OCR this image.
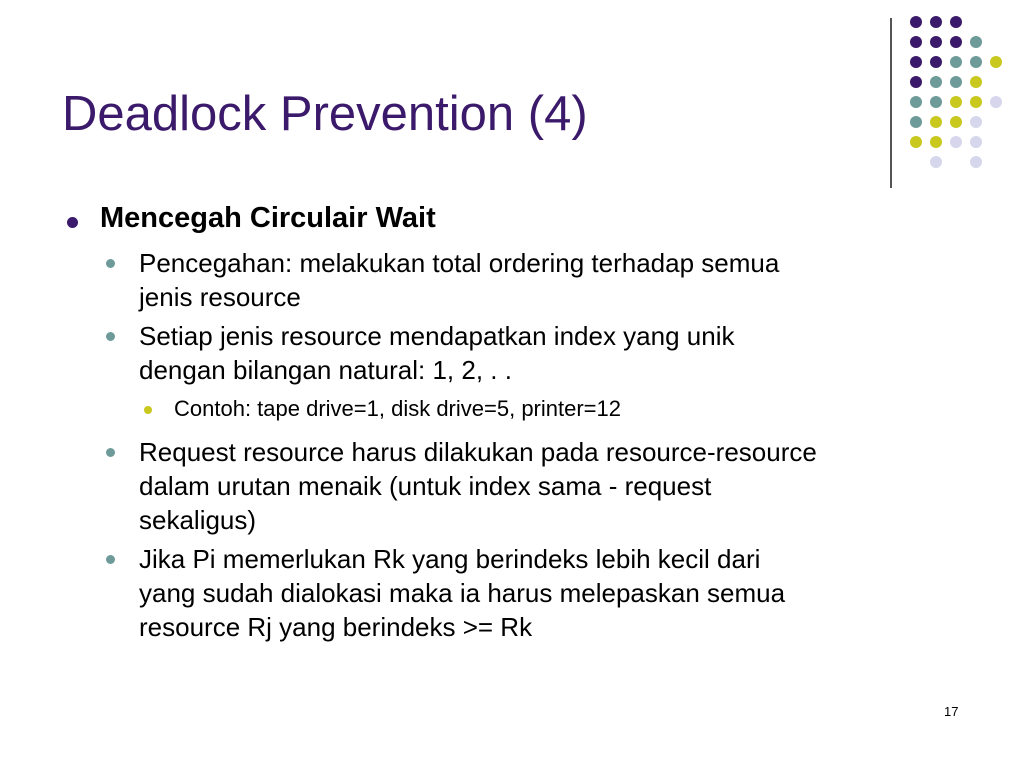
Deadlock Prevention (4)
Mencegah Circulair Wait
Pencegahan: melakukan total ordering terhadap semua
jenis resource
Setiap jenis resource mendapatkan index yang unik
dengan bilangan natural: 1, 2, . .
Contoh: tape drive=1, disk drive=5, printer=12
Request resource harus dilakukan pada resource-resource
dalam urutan menaik (untuk index sama - request
sekaligus)
Jika Pi memerlukan Rk yang berindeks lebih kecil dari
yang sudah dialokasi maka ia harus melepaskan semua
resource Rj yang berindeks >= Rk
17
